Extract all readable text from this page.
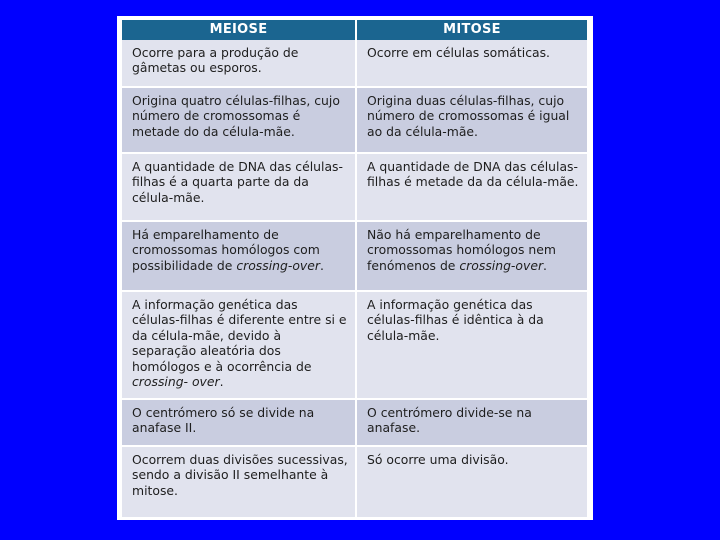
MEIOSE	MITOSE
Ocorre para a produção de gâmetas ou esporos.
Ocorre em células somáticas.
Origina quatro células-filhas, cujo número de cromossomas é metade do da célula-mãe.
Origina duas células-filhas, cujo número de cromossomas é igual ao da célula-mãe.
A quantidade de DNA das células-filhas é a quarta parte da da célula-mãe.
A quantidade de DNA das células-filhas é metade da da célula-mãe.
Há emparelhamento de cromossomas homólogos com possibilidade de crossing-over.
Não há emparelhamento de cromossomas homólogos nem fenómenos de crossing-over.
A informação genética das células-filhas é diferente entre si e da célula-mãe, devido à separação aleatória dos homólogos e à ocorrência de crossing- over.
A informação genética das células-filhas é idêntica à da célula-mãe.
O centrómero só se divide na anafase II.
O centrómero divide-se na anafase.
Ocorrem duas divisões sucessivas, sendo a divisão II semelhante à mitose.
Só ocorre uma divisão.
